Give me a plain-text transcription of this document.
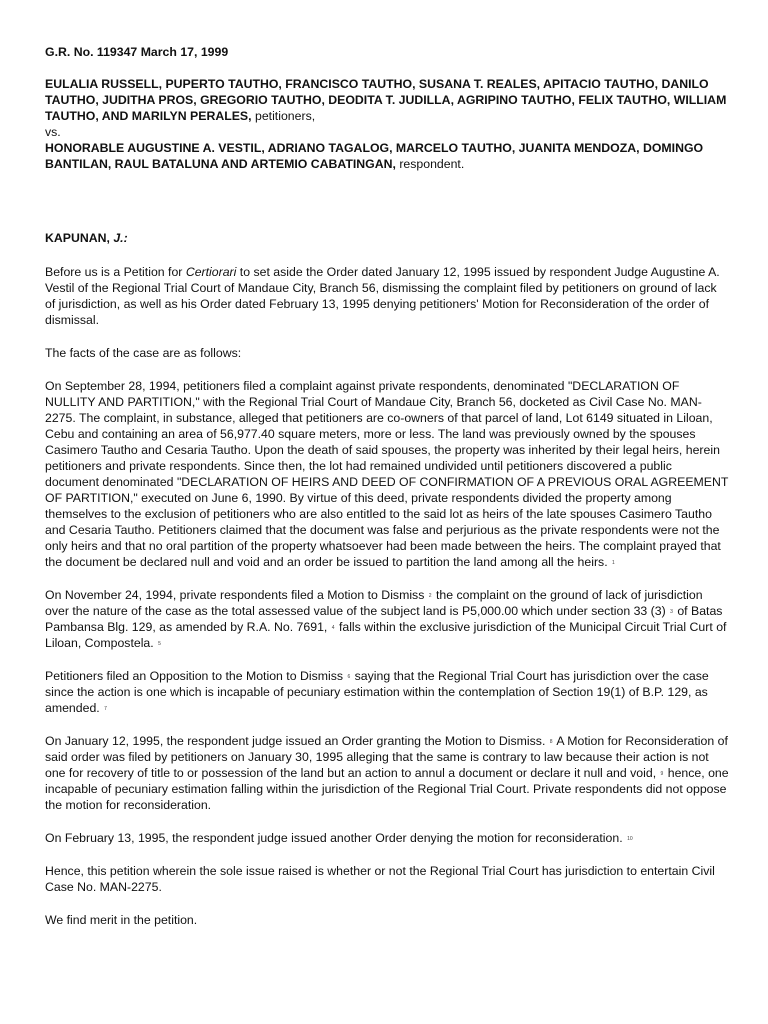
G.R. No. 119347 March 17, 1999

EULALIA RUSSELL, PUPERTO TAUTHO, FRANCISCO TAUTHO, SUSANA T. REALES, APITACIO TAUTHO, DANILO TAUTHO, JUDITHA PROS, GREGORIO TAUTHO, DEODITA T. JUDILLA, AGRIPINO TAUTHO, FELIX TAUTHO, WILLIAM TAUTHO, AND MARILYN PERALES, petitioners,

vs.

HONORABLE AUGUSTINE A. VESTIL, ADRIANO TAGALOG, MARCELO TAUTHO, JUANITA MENDOZA, DOMINGO BANTILAN, RAUL BATALUNA AND ARTEMIO CABATINGAN, respondent.

KAPUNAN, J.:

Before us is a Petition for Certiorari to set aside the Order dated January 12, 1995 issued by respondent Judge Augustine A. Vestil of the Regional Trial Court of Mandaue City, Branch 56, dismissing the complaint filed by petitioners on ground of lack of jurisdiction, as well as his Order dated February 13, 1995 denying petitioners' Motion for Reconsideration of the order of dismissal.

The facts of the case are as follows:

On September 28, 1994, petitioners filed a complaint against private respondents, denominated "DECLARATION OF NULLITY AND PARTITION," with the Regional Trial Court of Mandaue City, Branch 56, docketed as Civil Case No. MAN-2275. The complaint, in substance, alleged that petitioners are co-owners of that parcel of land, Lot 6149 situated in Liloan, Cebu and containing an area of 56,977.40 square meters, more or less. The land was previously owned by the spouses Casimero Tautho and Cesaria Tautho. Upon the death of said spouses, the property was inherited by their legal heirs, herein petitioners and private respondents. Since then, the lot had remained undivided until petitioners discovered a public document denominated "DECLARATION OF HEIRS AND DEED OF CONFIRMATION OF A PREVIOUS ORAL AGREEMENT OF PARTITION," executed on June 6, 1990. By virtue of this deed, private respondents divided the property among themselves to the exclusion of petitioners who are also entitled to the said lot as heirs of the late spouses Casimero Tautho and Cesaria Tautho. Petitioners claimed that the document was false and perjurious as the private respondents were not the only heirs and that no oral partition of the property whatsoever had been made between the heirs. The complaint prayed that the document be declared null and void and an order be issued to partition the land among all the heirs. $^1$

On November 24, 1994, private respondents filed a Motion to Dismiss $^2$ the complaint on the ground of lack of jurisdiction over the nature of the case as the total assessed value of the subject land is P5,000.00 which under section 33 (3) $^3$ of Batas Pambansa Blg. 129, as amended by R.A. No. 7691, $^4$ falls within the exclusive jurisdiction of the Municipal Circuit Trial Curt of Liloan, Compostela. $^5$

Petitioners filed an Opposition to the Motion to Dismiss $^6$ saying that the Regional Trial Court has jurisdiction over the case since the action is one which is incapable of pecuniary estimation within the contemplation of Section 19(1) of B.P. 129, as amended. $^7$

On January 12, 1995, the respondent judge issued an Order granting the Motion to Dismiss. $^8$ A Motion for Reconsideration of said order was filed by petitioners on January 30, 1995 alleging that the same is contrary to law because their action is not one for recovery of title to or possession of the land but an action to annul a document or declare it null and void, $^9$ hence, one incapable of pecuniary estimation falling within the jurisdiction of the Regional Trial Court. Private respondents did not oppose the motion for reconsideration.

On February 13, 1995, the respondent judge issued another Order denying the motion for reconsideration. $^{10}$

Hence, this petition wherein the sole issue raised is whether or not the Regional Trial Court has jurisdiction to entertain Civil Case No. MAN-2275.

We find merit in the petition.
